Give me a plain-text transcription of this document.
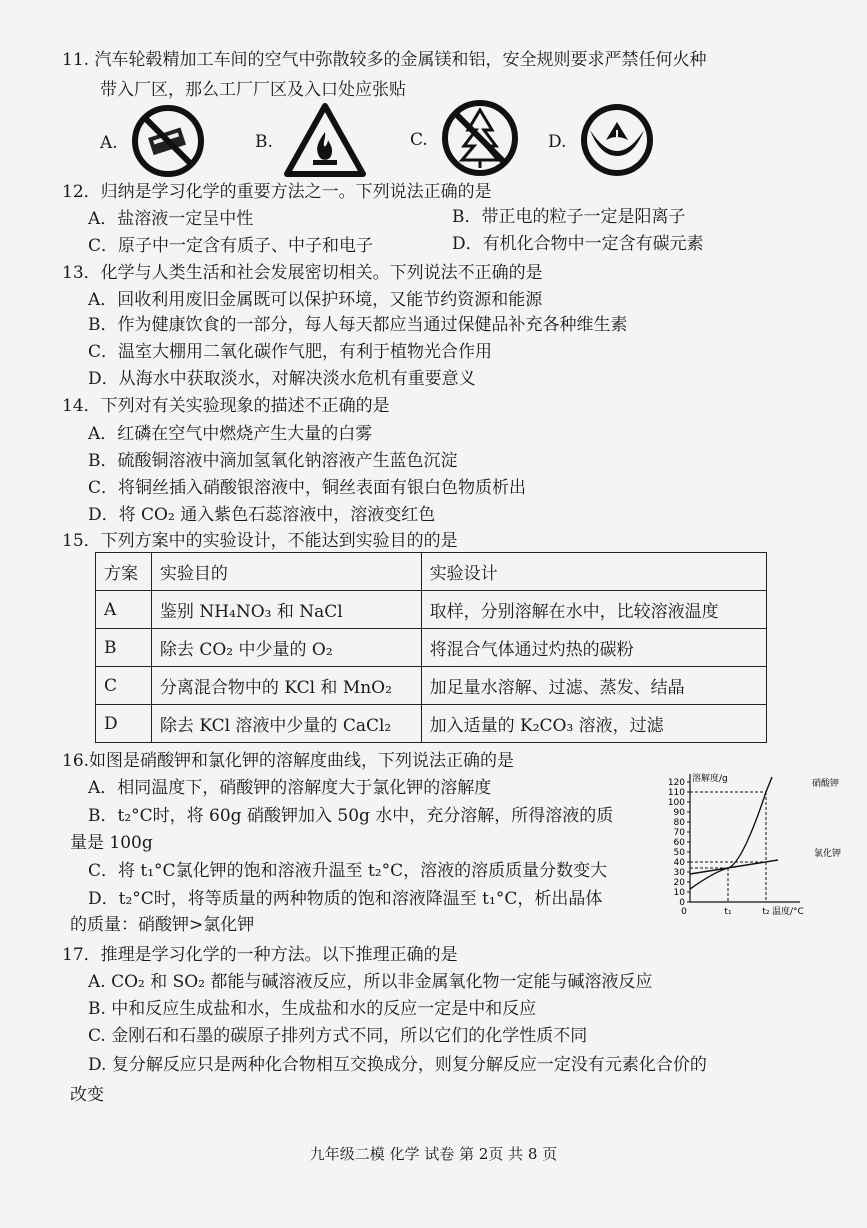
11. 汽车轮毂精加工车间的空气中弥散较多的金属镁和铝，安全规则要求严禁任何火种
带入厂区，那么工厂厂区及入口处应张贴
A.	B.	C.	D.
12．归纳是学习化学的重要方法之一。下列说法正确的是
A．盐溶液一定呈中性	B．带正电的粒子一定是阳离子
C．原子中一定含有质子、中子和电子	D．有机化合物中一定含有碳元素
13．化学与人类生活和社会发展密切相关。下列说法不正确的是
A．回收利用废旧金属既可以保护环境，又能节约资源和能源
B．作为健康饮食的一部分，每人每天都应当通过保健品补充各种维生素
C．温室大棚用二氧化碳作气肥，有利于植物光合作用
D．从海水中获取淡水，对解决淡水危机有重要意义
14．下列对有关实验现象的描述不正确的是
A．红磷在空气中燃烧产生大量的白雾
B．硫酸铜溶液中滴加氢氧化钠溶液产生蓝色沉淀
C．将铜丝插入硝酸银溶液中，铜丝表面有银白色物质析出
D．将 CO₂ 通入紫色石蕊溶液中，溶液变红色
15．下列方案中的实验设计，不能达到实验目的的是
方案	实验目的	实验设计
A	鉴别 NH₄NO₃ 和 NaCl	取样，分别溶解在水中，比较溶液温度
B	除去 CO₂ 中少量的 O₂	将混合气体通过灼热的碳粉
C	分离混合物中的 KCl 和 MnO₂	加足量水溶解、过滤、蒸发、结晶
D	除去 KCl 溶液中少量的 CaCl₂	加入适量的 K₂CO₃ 溶液，过滤
16.如图是硝酸钾和氯化钾的溶解度曲线，下列说法正确的是
A．相同温度下，硝酸钾的溶解度大于氯化钾的溶解度
B．t₂°C时，将 60g 硝酸钾加入 50g 水中，充分溶解，所得溶液的质
量是 100g
C．将 t₁°C氯化钾的饱和溶液升温至 t₂°C，溶液的溶质质量分数变大
D．t₂°C时，将等质量的两种物质的饱和溶液降温至 t₁°C，析出晶体
的质量：硝酸钾>氯化钾
0
10
20
30
40
50
60
70
80
90
100
110
120
0	t₁	t₂
溶解度/g
温度/°C
硝酸钾
氯化钾
17．推理是学习化学的一种方法。以下推理正确的是
A. CO₂ 和 SO₂ 都能与碱溶液反应，所以非金属氧化物一定能与碱溶液反应
B. 中和反应生成盐和水，生成盐和水的反应一定是中和反应
C. 金刚石和石墨的碳原子排列方式不同，所以它们的化学性质不同
D. 复分解反应只是两种化合物相互交换成分，则复分解反应一定没有元素化合价的
改变
九年级二模 化学 试卷 第 2页 共 8 页
